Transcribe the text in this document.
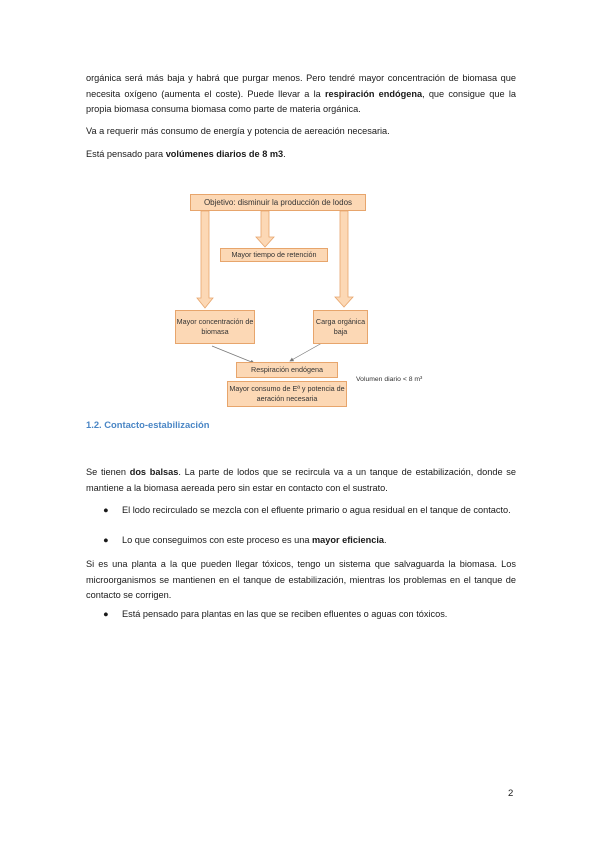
orgánica será más baja y habrá que purgar menos. Pero tendré mayor concentración de biomasa que necesita oxígeno (aumenta el coste). Puede llevar a la respiración endógena, que consigue que la propia biomasa consuma biomasa como parte de materia orgánica.

Va a requerir más consumo de energía y potencia de aereación necesaria.

Está pensado para volúmenes diarios de 8 m3.

Objetivo: disminuir la producción de lodos
Mayor tiempo de retención
Mayor concentración de biomasa
Carga orgánica baja
Respiración endógena
Mayor consumo de Eª y potencia de aeración necesaria
Volumen diario < 8 m³

1.2. Contacto-estabilización

Se tienen dos balsas. La parte de lodos que se recircula va a un tanque de estabilización, donde se mantiene a la biomasa aereada pero sin estar en contacto con el sustrato.

● El lodo recirculado se mezcla con el efluente primario o agua residual en el tanque de contacto.
● Lo que conseguimos con este proceso es una mayor eficiencia.

Si es una planta a la que pueden llegar tóxicos, tengo un sistema que salvaguarda la biomasa. Los microorganismos se mantienen en el tanque de estabilización, mientras los problemas en el tanque de contacto se corrigen.

● Está pensado para plantas en las que se reciben efluentes o aguas con tóxicos.
2
